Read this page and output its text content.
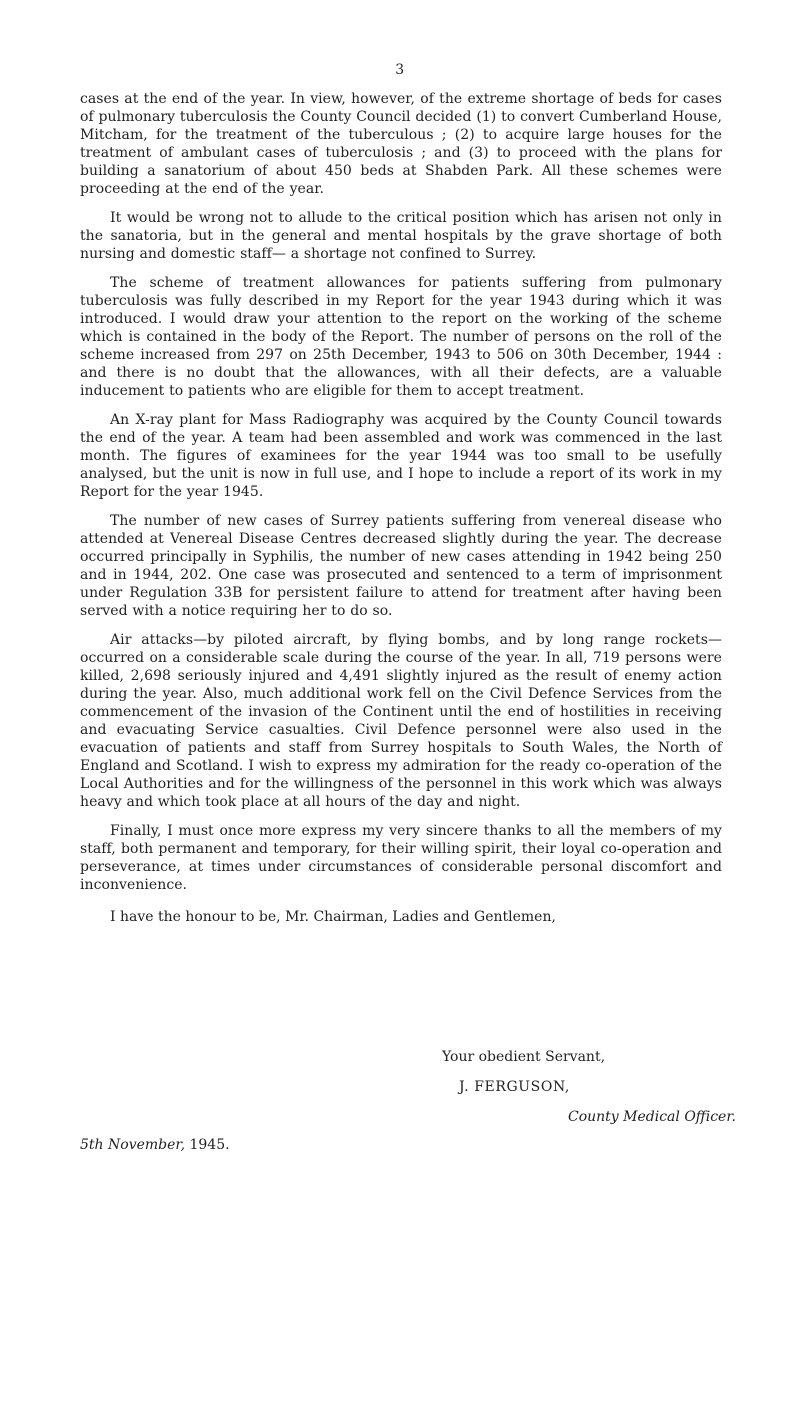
3

cases at the end of the year. In view, however, of the extreme shortage of beds for cases of pulmonary tuberculosis the County Council decided (1) to convert Cumberland House, Mitcham, for the treatment of the tuberculous ; (2) to acquire large houses for the treatment of ambulant cases of tuberculosis ; and (3) to proceed with the plans for building a sanatorium of about 450 beds at Shabden Park. All these schemes were proceeding at the end of the year.

It would be wrong not to allude to the critical position which has arisen not only in the sanatoria, but in the general and mental hospitals by the grave shortage of both nursing and domestic staff— a shortage not confined to Surrey.

The scheme of treatment allowances for patients suffering from pulmonary tuberculosis was fully described in my Report for the year 1943 during which it was introduced. I would draw your attention to the report on the working of the scheme which is contained in the body of the Report. The number of persons on the roll of the scheme increased from 297 on 25th December, 1943 to 506 on 30th December, 1944 : and there is no doubt that the allowances, with all their defects, are a valuable inducement to patients who are eligible for them to accept treatment.

An X-ray plant for Mass Radiography was acquired by the County Council towards the end of the year. A team had been assembled and work was commenced in the last month. The figures of examinees for the year 1944 was too small to be usefully analysed, but the unit is now in full use, and I hope to include a report of its work in my Report for the year 1945.

The number of new cases of Surrey patients suffering from venereal disease who attended at Venereal Disease Centres decreased slightly during the year. The decrease occurred principally in Syphilis, the number of new cases attending in 1942 being 250 and in 1944, 202. One case was prosecuted and sentenced to a term of imprisonment under Regulation 33B for persistent failure to attend for treatment after having been served with a notice requiring her to do so.

Air attacks—by piloted aircraft, by flying bombs, and by long range rockets—occurred on a considerable scale during the course of the year. In all, 719 persons were killed, 2,698 seriously injured and 4,491 slightly injured as the result of enemy action during the year. Also, much additional work fell on the Civil Defence Services from the commencement of the invasion of the Continent until the end of hostilities in receiving and evacuating Service casualties. Civil Defence personnel were also used in the evacuation of patients and staff from Surrey hospitals to South Wales, the North of England and Scotland. I wish to express my admiration for the ready co-operation of the Local Authorities and for the willingness of the personnel in this work which was always heavy and which took place at all hours of the day and night.

Finally, I must once more express my very sincere thanks to all the members of my staff, both permanent and temporary, for their willing spirit, their loyal co-operation and perseverance, at times under circumstances of considerable personal discomfort and inconvenience.

I have the honour to be, Mr. Chairman, Ladies and Gentlemen,

Your obedient Servant,
J. FERGUSON,
County Medical Officer.
5th November, 1945.
